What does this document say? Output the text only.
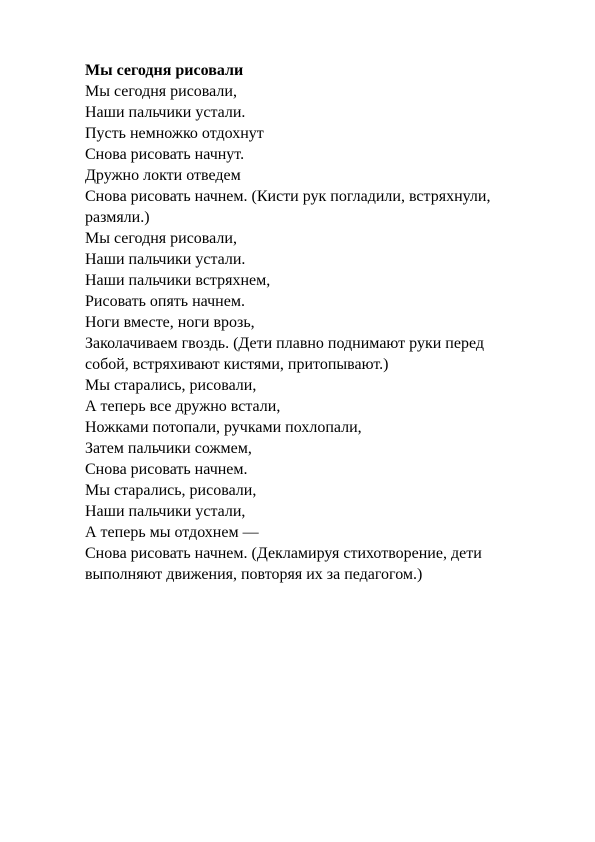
Мы сегодня рисовали
Мы сегодня рисовали,
Наши пальчики устали.
Пусть немножко отдохнут
Снова рисовать начнут.
Дружно локти отведем
Снова рисовать начнем. (Кисти рук погладили, встряхнули,
размяли.)
Мы сегодня рисовали,
Наши пальчики устали.
Наши пальчики встряхнем,
Рисовать опять начнем.
Ноги вместе, ноги врозь,
Заколачиваем гвоздь. (Дети плавно поднимают руки перед
собой, встряхивают кистями, притопывают.)
Мы старались, рисовали,
А теперь все дружно встали,
Ножками потопали, ручками похлопали,
Затем пальчики сожмем,
Снова рисовать начнем.
Мы старались, рисовали,
Наши пальчики устали,
А теперь мы отдохнем —
Снова рисовать начнем. (Декламируя стихотворение, дети
выполняют движения, повторяя их за педагогом.)
